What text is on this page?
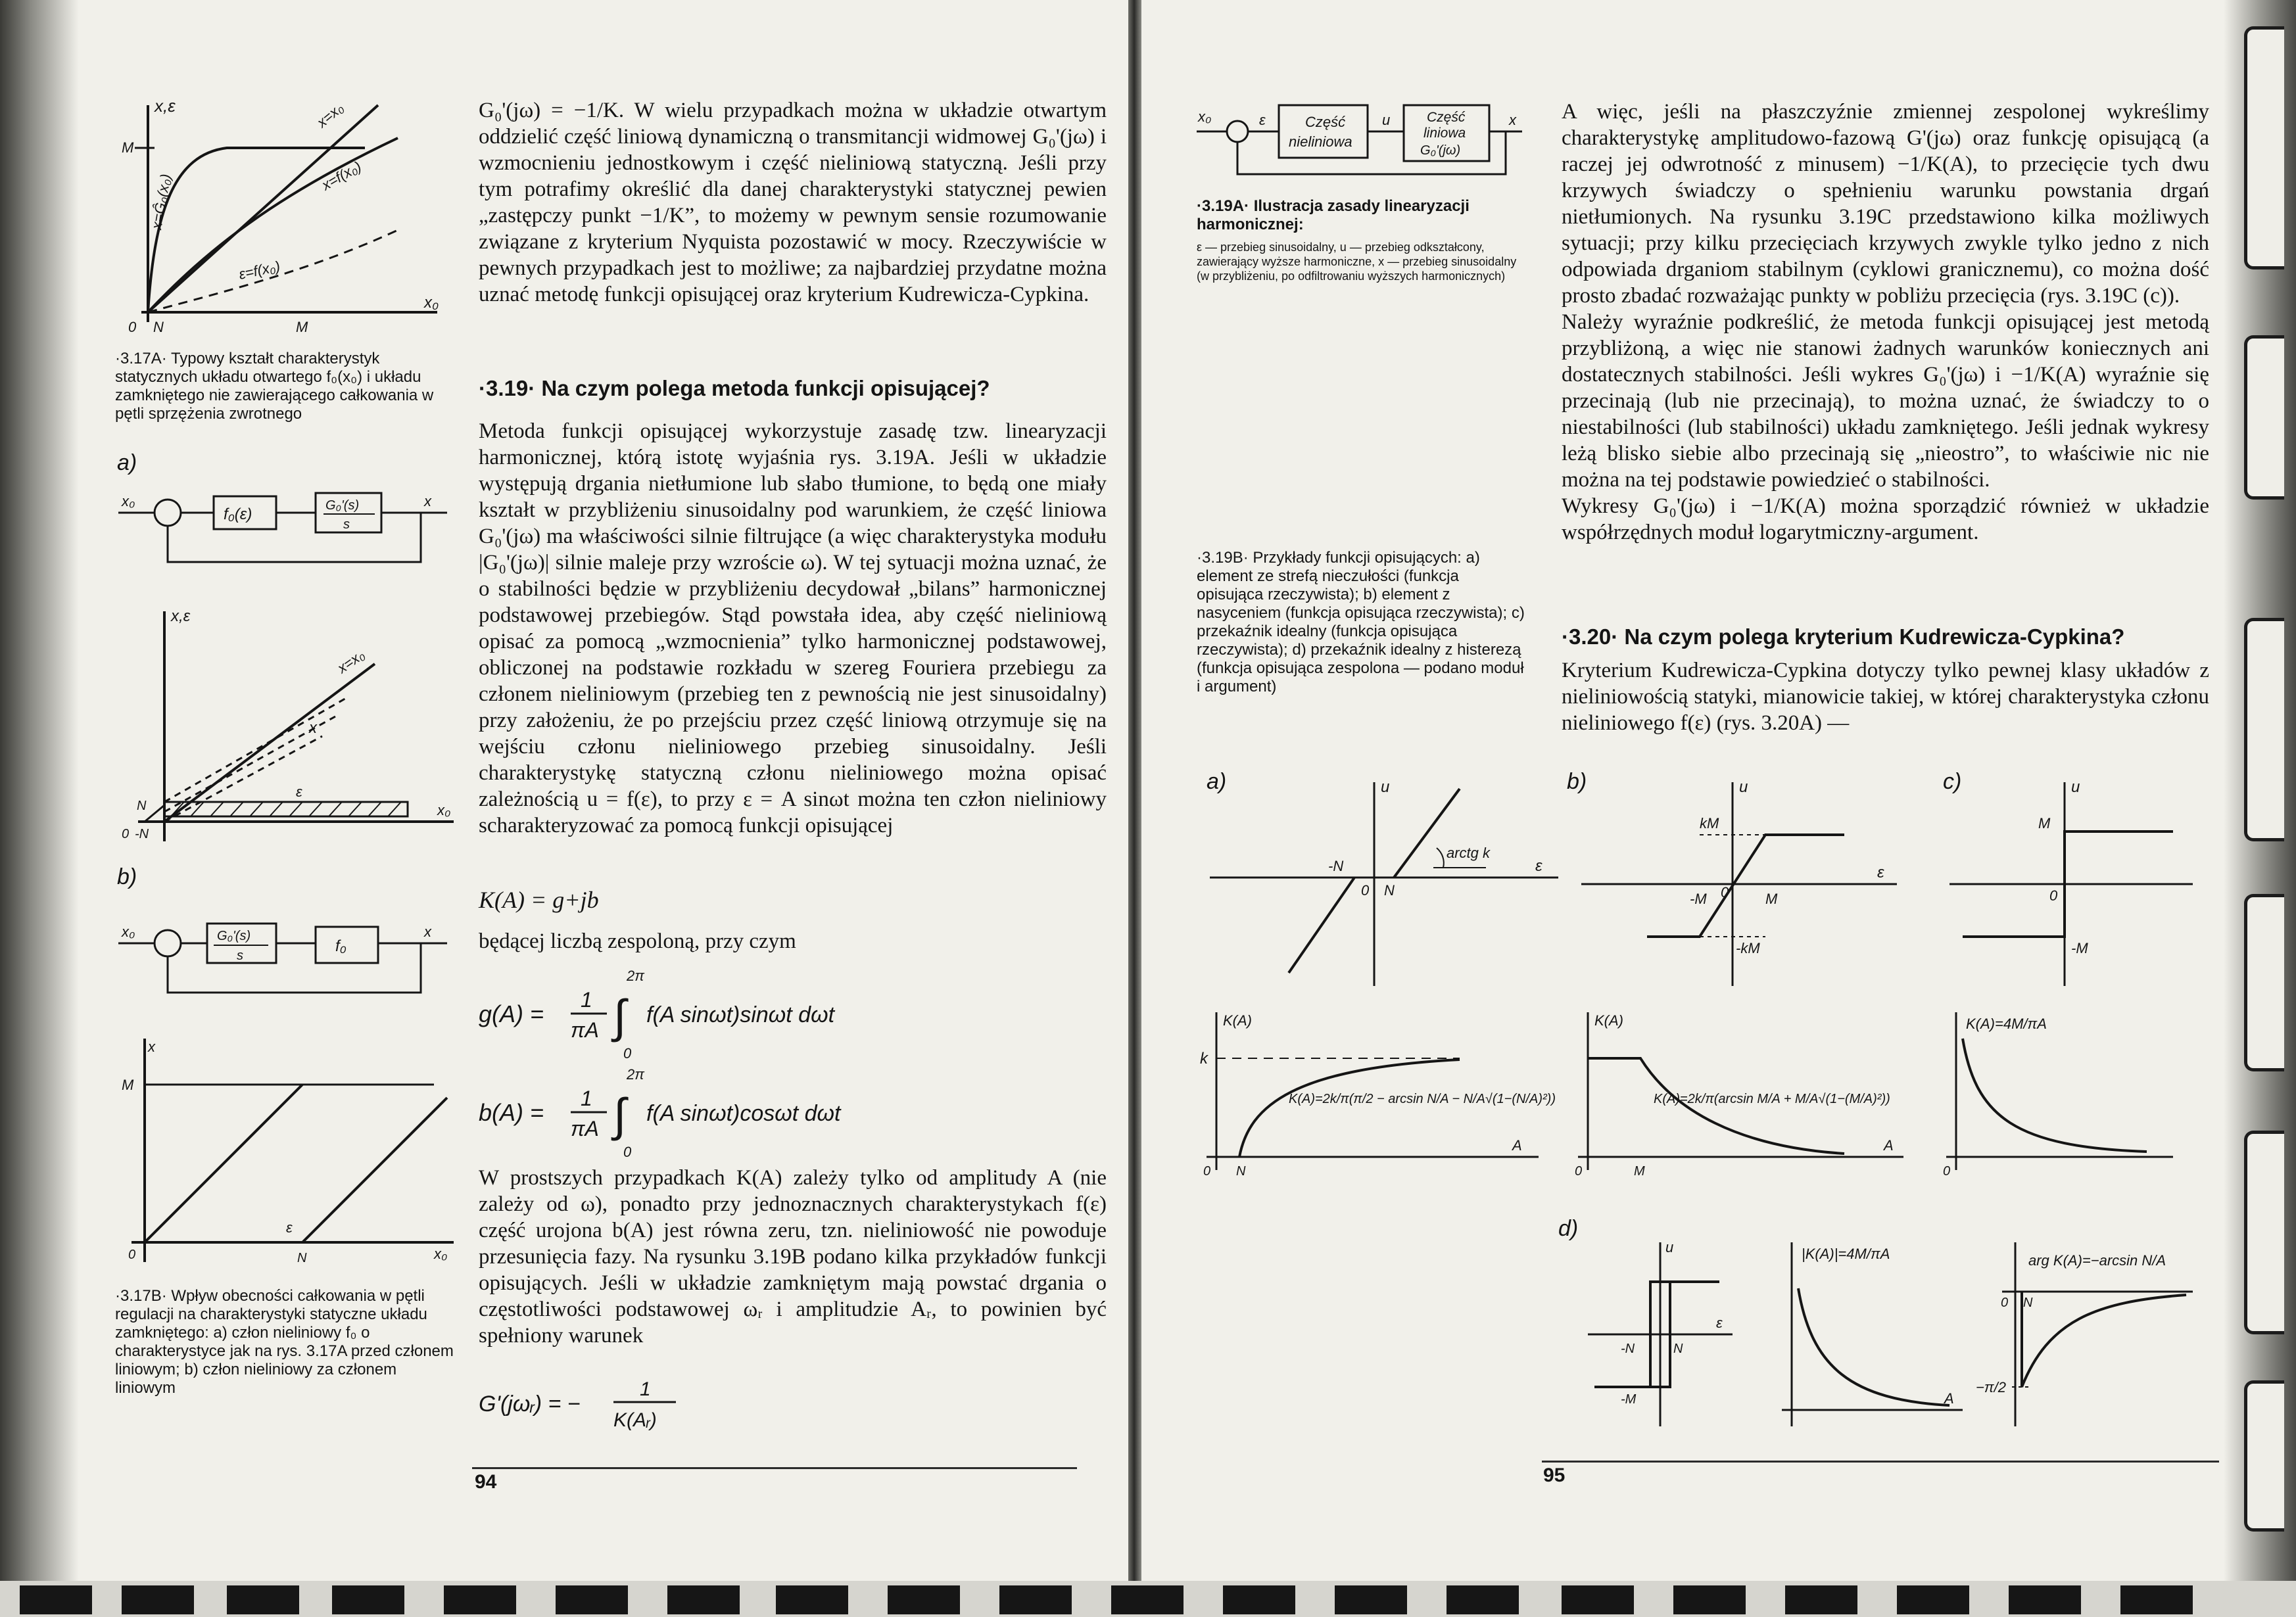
x,ε
x₀
x=x₀
x=f(x₀)
x=Ĝ₀(x₀)
ε=f(x₀)
M
0 N	M
·3.17A· Typowy kształt charakterystyk statycznych układu otwartego f₀(x₀) i układu zamkniętego nie zawierającego całkowania w pętli sprzężenia zwrotnego
a)
x₀	x
f₀(ε)	G₀'(s)
s
x,ε
x₀
x=x₀
x
ε
N
0 -N
b)
x₀	x
G₀'(s)
s
f₀
M
N
0
ε
x
x₀
·3.17B· Wpływ obecności całkowania w pętli regulacji na charakterystyki statyczne układu zamkniętego: a) człon nieliniowy f₀ o charakterystyce jak na rys. 3.17A przed członem liniowym; b) człon nieliniowy za członem liniowym

G₀'(jω) = −1/K. W wielu przypadkach można w układzie otwartym oddzielić część liniową dynamiczną o transmitancji widmowej G₀'(jω) i wzmocnieniu jednostkowym i część nieliniową statyczną. Jeśli przy tym potrafimy określić dla danej charakterystyki statycznej pewien „zastępczy punkt −1/K”, to możemy w pewnym sensie rozumowanie związane z kryterium Nyquista pozostawić w mocy. Rzeczywiście w pewnych przypadkach jest to możliwe; za najbardziej przydatne można uznać metodę funkcji opisującej oraz kryterium Kudrewicza-Cypkina.

·3.19· Na czym polega metoda funkcji opisującej?

Metoda funkcji opisującej wykorzystuje zasadę tzw. linearyzacji harmonicznej, którą istotę wyjaśnia rys. 3.19A. Jeśli w układzie występują drgania nietłumione lub słabo tłumione, to będą one miały kształt w przybliżeniu sinusoidalny pod warunkiem, że część liniowa G₀'(jω) ma właściwości silnie filtrujące (a więc charakterystyka modułu |G₀'(jω)| silnie maleje przy wzroście ω). W tej sytuacji można uznać, że o stabilności będzie w przybliżeniu decydował „bilans” harmonicznej podstawowej przebiegów. Stąd powstała idea, aby część nieliniową opisać za pomocą „wzmocnienia” tylko harmonicznej podstawowej, obliczonej na podstawie rozkładu w szereg Fouriera przebiegu za członem nieliniowym (przebieg ten z pewnością nie jest sinusoidalny) przy założeniu, że po przejściu przez część liniową otrzymuje się na wejściu członu nieliniowego przebieg sinusoidalny. Jeśli charakterystykę statyczną członu nieliniowego można opisać zależnością u = f(ε), to przy ε = A sinωt można ten człon nieliniowy scharakteryzować za pomocą funkcji opisującej

K(A) = g+jb
będącej liczbą zespoloną, przy czym
g(A) =
1
πA ∫
2π
0
f(A sinωt)sinωt dωt
b(A) =
1
πA ∫
2π
0
f(A sinωt)cosωt dωt

W prostszych przypadkach K(A) zależy tylko od amplitudy A (nie zależy od ω), ponadto przy jednoznacznych charakterystykach f(ε) część urojona b(A) jest równa zeru, tzn. nieliniowość nie powoduje przesunięcia fazy. Na rysunku 3.19B podano kilka przykładów funkcji opisujących. Jeśli w układzie zamkniętym mają powstać drgania o częstotliwości podstawowej ωᵣ i amplitudzie Aᵣ, to powinien być spełniony warunek

G'(jωᵣ) = −
1
K(Aᵣ)
94
x₀	ε	u	x
Część
nieliniowa
Część
liniowa
G₀'(jω)
·3.19A· Ilustracja zasady linearyzacji harmonicznej:
ε — przebieg sinusoidalny, u — przebieg odkształcony, zawierający wyższe harmoniczne, x — przebieg sinusoidalny (w przybliżeniu, po odfiltrowaniu wyższych harmonicznych)
·3.19B· Przykłady funkcji opisujących: a) element ze strefą nieczułości (funkcja opisująca rzeczywista); b) element z nasyceniem (funkcja opisująca rzeczywista); c) przekaźnik idealny (funkcja opisująca rzeczywista); d) przekaźnik idealny z histerezą (funkcja opisująca zespolona — podano moduł i argument)
a)	u
ε
-N
0 N
arctg k
b)	u
ε
kM
-M	M
-kM
0
c)	u
M
0
-M
K(A)
k
A
0 N
K(A)=2k/π(π/2 − arcsin N/A − N/A√(1−(N/A)²))
K(A)
A
0	M
K(A)=2k/π(arcsin M/A + M/A√(1−(M/A)²))
K(A)=4M/πA
0
d)
u
ε
-N	N
-M
|K(A)|=4M/πA
A
arg K(A)=−arcsin N/A
0 N
−π/2

A więc, jeśli na płaszczyźnie zmiennej zespolonej wykreślimy charakterystykę amplitudowo-fazową G'(jω) oraz funkcję opisującą (a raczej jej odwrotność z minusem) −1/K(A), to przecięcie tych dwu krzywych świadczy o spełnieniu warunku powstania drgań nietłumionych. Na rysunku 3.19C przedstawiono kilka możliwych sytuacji; przy kilku przecięciach krzywych zwykle tylko jedno z nich odpowiada drganiom stabilnym (cyklowi granicznemu), co można dość prosto zbadać rozważając punkty w pobliżu przecięcia (rys. 3.19C (c)).

Należy wyraźnie podkreślić, że metoda funkcji opisującej jest metodą przybliżoną, a więc nie stanowi żadnych warunków koniecznych ani dostatecznych stabilności. Jeśli wykres G₀'(jω) i −1/K(A) wyraźnie się przecinają (lub nie przecinają), to można uznać, że świadczy to o niestabilności (lub stabilności) układu zamkniętego. Jeśli jednak wykresy leżą blisko siebie albo przecinają się „nieostro”, to właściwie nic nie można na tej podstawie powiedzieć o stabilności.

Wykresy G₀'(jω) i −1/K(A) można sporządzić również w układzie współrzędnych moduł logarytmiczny-argument.

·3.20· Na czym polega kryterium Kudrewicza-Cypkina?

Kryterium Kudrewicza-Cypkina dotyczy tylko pewnej klasy układów z nieliniowością statyki, mianowicie takiej, w której charakterystyka członu nieliniowego f(ε) (rys. 3.20A) —

95
